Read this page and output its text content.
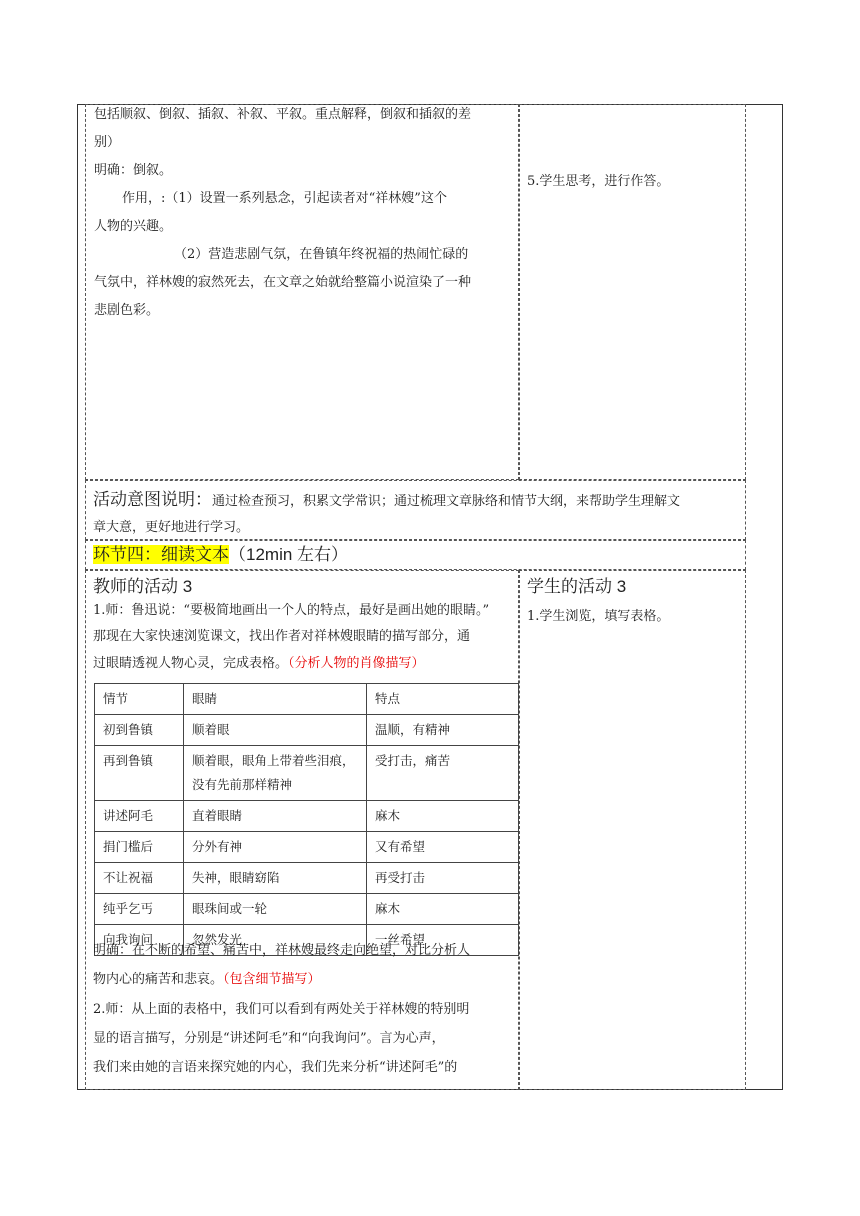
包括顺叙、倒叙、插叙、补叙、平叙。重点解释，倒叙和插叙的差
别）
明确：倒叙。
作用，:（1）设置一系列悬念，引起读者对“祥林嫂”这个
人物的兴趣。
（2）营造悲剧气氛，在鲁镇年终祝福的热闹忙碌的
气氛中，祥林嫂的寂然死去，在文章之始就给整篇小说渲染了一种
悲剧色彩。
5.学生思考，进行作答。
活动意图说明：通过检查预习，积累文学常识；通过梳理文章脉络和情节大纲，来帮助学生理解文
章大意，更好地进行学习。
环节四：细读文本（12min 左右）
教师的活动 3	学生的活动 3
1.学生浏览，填写表格。
1.师：鲁迅说：“要极简地画出一个人的特点，最好是画出她的眼睛。”
那现在大家快速浏览课文，找出作者对祥林嫂眼睛的描写部分，通
过眼睛透视人物心灵，完成表格。（分析人物的肖像描写）
情节	眼睛	特点
初到鲁镇	顺着眼	温顺，有精神
再到鲁镇	顺着眼，眼角上带着些泪痕，没有先前那样精神	受打击，痛苦
讲述阿毛	直着眼睛	麻木
捐门槛后	分外有神	又有希望
不让祝福	失神，眼睛窈陷	再受打击
纯乎乞丐	眼珠间或一轮	麻木
向我询问	忽然发光	一丝希望
明确：在不断的希望、痛苦中，祥林嫂最终走向绝望，对比分析人
物内心的痛苦和悲哀。（包含细节描写）
2.师：从上面的表格中，我们可以看到有两处关于祥林嫂的特别明
显的语言描写，分别是“讲述阿毛”和“向我询问”。言为心声，
我们来由她的言语来探究她的内心，我们先来分析“讲述阿毛”的
